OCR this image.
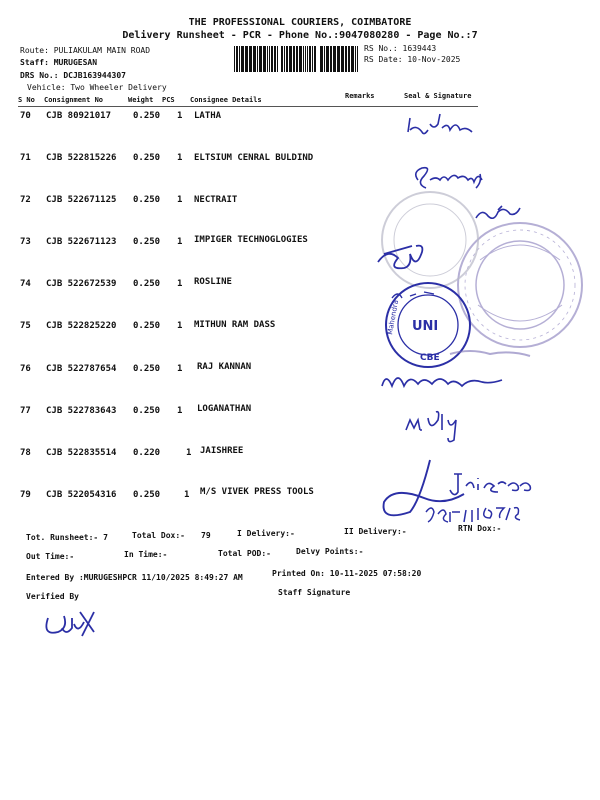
THE PROFESSIONAL COURIERS, COIMBATORE
Delivery Runsheet - PCR - Phone No.:9047080280 - Page No.:7
Route: PULIAKULAM MAIN ROAD
Staff: MURUGESAN
DRS No.: DCJB163944307
Vehicle: Two Wheeler Delivery
RS No.: 1639443
RS Date: 10-Nov-2025
S No Consignment No	Weight PCS Consignee Details	Remarks	Seal & Signature
70 CJB 80921017 0.250 1 LATHA
71 CJB 522815226 0.250 1 ELTSIUM CENRAL BULDIND
72 CJB 522671125 0.250 1 NECTRAIT
73 CJB 522671123 0.250 1 IMPIGER TECHNOGLOGIES
74 CJB 522672539 0.250 1 ROSLINE
75 CJB 522825220 0.250 1 MITHUN RAM DASS
76 CJB 522787654 0.250 1 RAJ KANNAN
77 CJB 522783643 0.250 1 LOGANATHAN
78 CJB 522835514 0.220	1 JAISHREE
79 CJB 522054316 0.250	1 M/S VIVEK PRESS TOOLS
Tot. Runsheet:- 7	Total Dox:- 79	I Delivery:-	II Delivery:-	RTN Dox:-
Out Time:-	In Time:-	Total POD:-	Delvy Points:-
Entered By :MURUGESHPCR 11/10/2025 8:49:27 AM	Printed On: 10-11-2025 07:58:20
Verified By	Staff Signature
UNI
CBE
Mahendra
